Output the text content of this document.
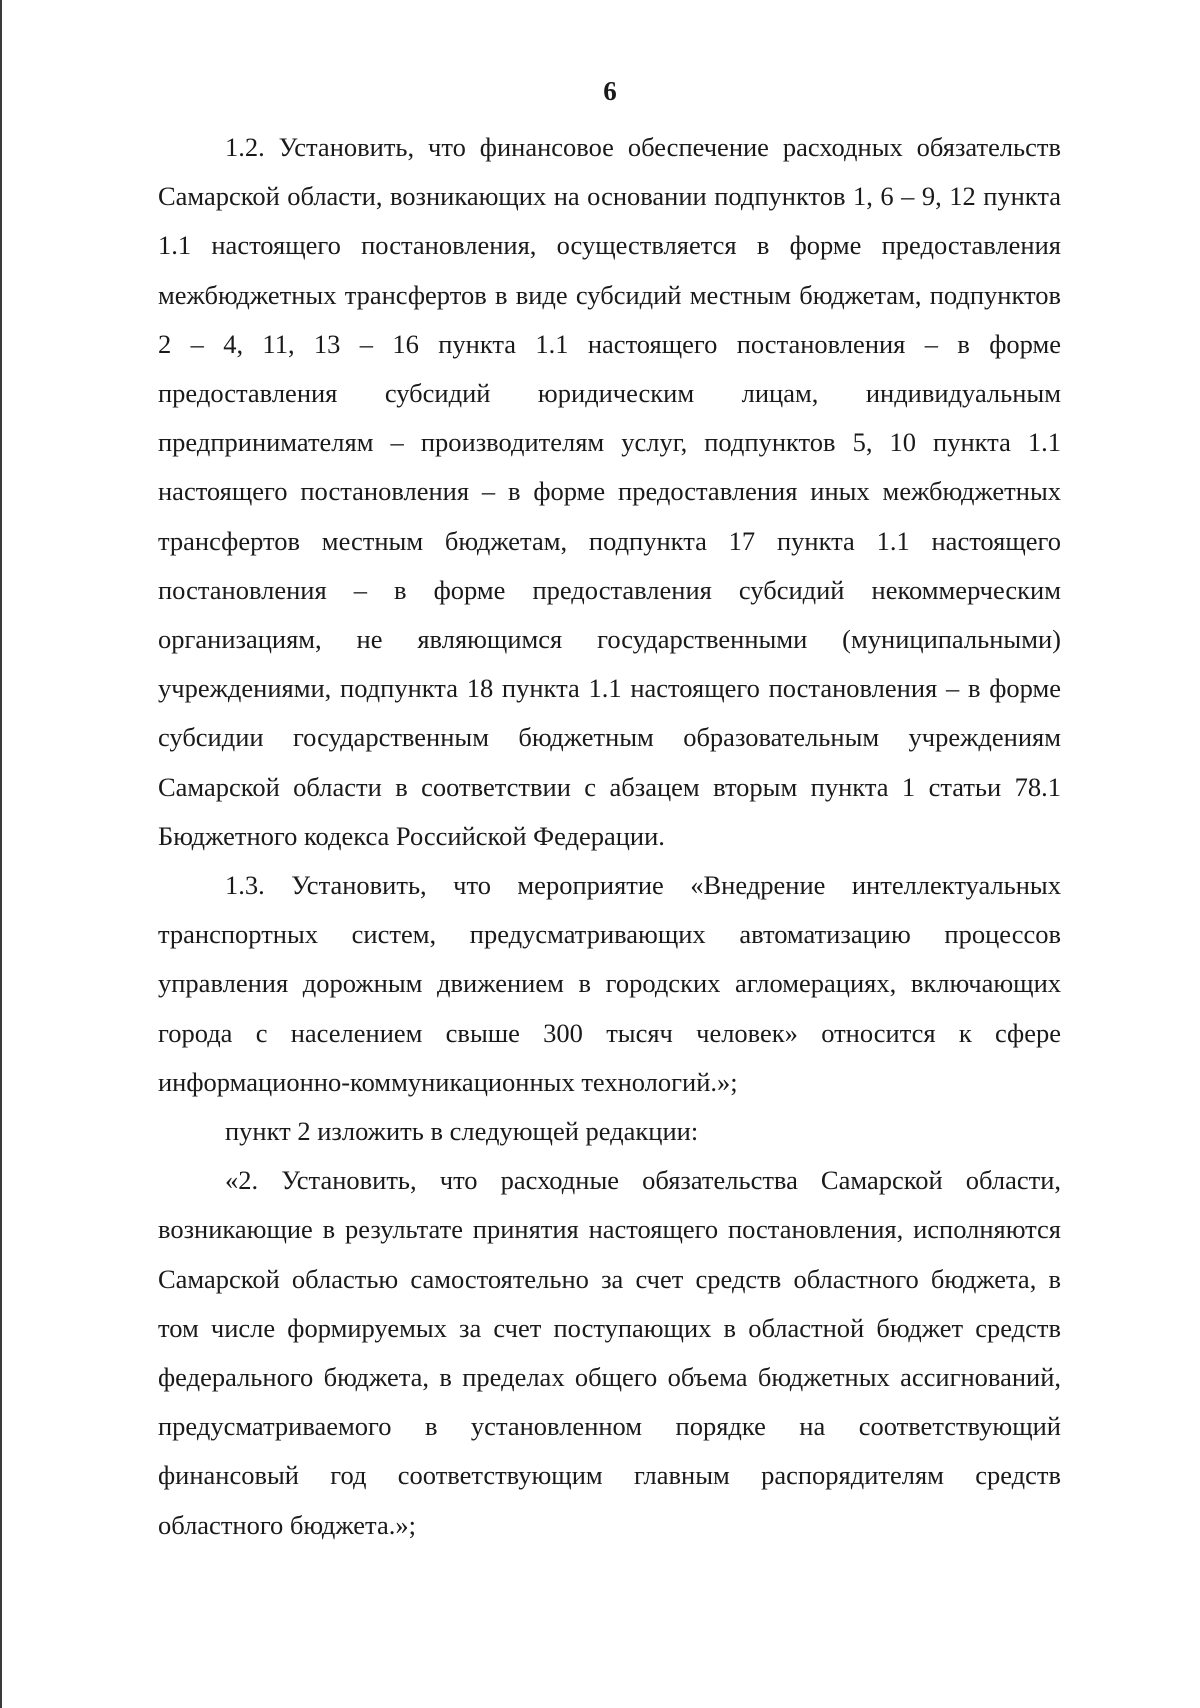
6

1.2. Установить, что финансовое обеспечение расходных обязательств Самарской области, возникающих на основании подпунктов 1, 6 – 9, 12 пункта 1.1 настоящего постановления, осуществляется в форме предоставления межбюджетных трансфертов в виде субсидий местным бюджетам, подпунктов 2 – 4, 11, 13 – 16 пункта 1.1 настоящего постановления – в форме предоставления субсидий юридическим лицам, индивидуальным предпринимателям – производителям услуг, подпунктов 5, 10 пункта 1.1 настоящего постановления – в форме предоставления иных межбюджетных трансфертов местным бюджетам, подпункта 17 пункта 1.1 настоящего постановления – в форме предоставления субсидий некоммерческим организациям, не являющимся государственными (муниципальными) учреждениями, подпункта 18 пункта 1.1 настоящего постановления – в форме субсидии государственным бюджетным образовательным учреждениям Самарской области в соответствии с абзацем вторым пункта 1 статьи 78.1 Бюджетного кодекса Российской Федерации.

1.3. Установить, что мероприятие «Внедрение интеллектуальных транспортных систем, предусматривающих автоматизацию процессов управления дорожным движением в городских агломерациях, включающих города с населением свыше 300 тысяч человек» относится к сфере информационно-коммуникационных технологий.»;

пункт 2 изложить в следующей редакции:

«2. Установить, что расходные обязательства Самарской области, возникающие в результате принятия настоящего постановления, исполняются Самарской областью самостоятельно за счет средств областного бюджета, в том числе формируемых за счет поступающих в областной бюджет средств федерального бюджета, в пределах общего объема бюджетных ассигнований, предусматриваемого в установленном порядке на соответствующий финансовый год соответствующим главным распорядителям средств областного бюджета.»;
